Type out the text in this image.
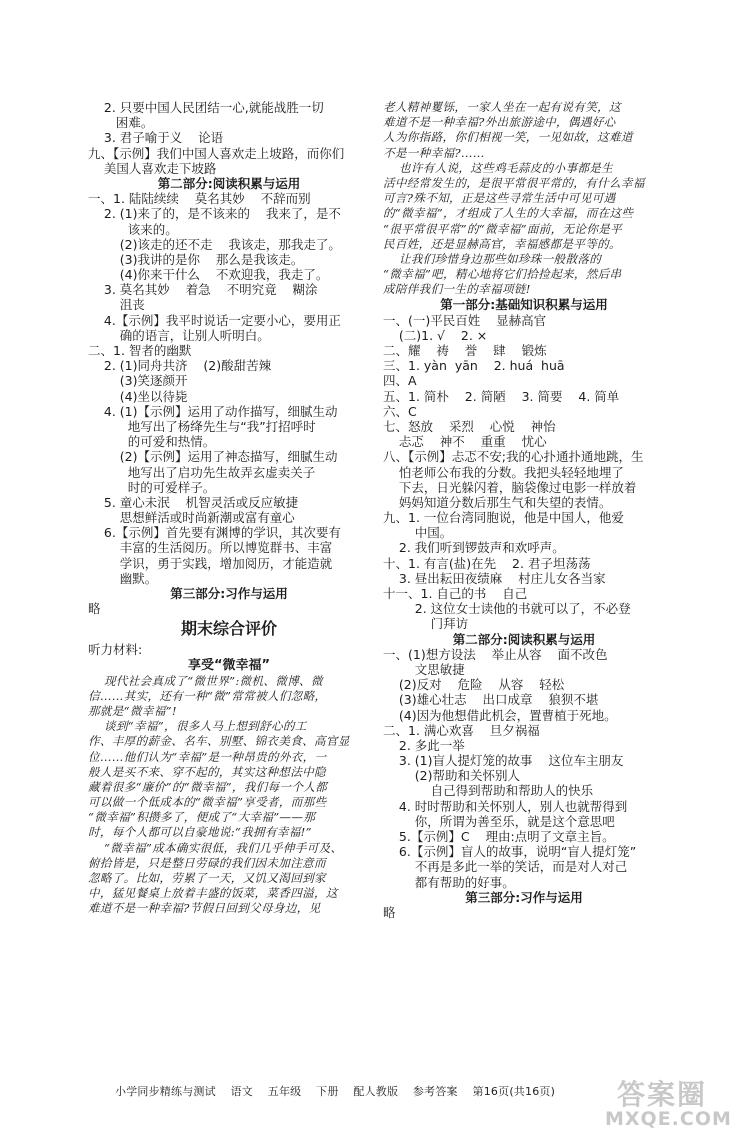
2. 只要中国人民团结一心,就能战胜一切
困难。
3. 君子喻于义    论语
九、【示例】我们中国人喜欢走上坡路，而你们
美国人喜欢走下坡路
第二部分:阅读积累与运用
一、1. 陆陆续续    莫名其妙    不辞而别
2. (1)来了的，是不该来的    我来了，是不
该来的。
(2)该走的还不走    我该走，那我走了。
(3)我讲的是你    那么是我该走。
(4)你来干什么    不欢迎我，我走了。
3. 莫名其妙    着急    不明究竟    糊涂
沮丧
4.【示例】我平时说话一定要小心，要用正
确的语言，让别人听明白。
二、1. 智者的幽默
2. (1)同舟共济    (2)酸甜苦辣
(3)笑逐颜开
(4)坐以待毙
4. (1)【示例】运用了动作描写，细腻生动
地写出了杨绛先生与“我”打招呼时
的可爱和热情。
(2)【示例】运用了神态描写，细腻生动
地写出了启功先生故弄玄虚卖关子
时的可爱样子。
5. 童心未泯    机智灵活或反应敏捷
思想鲜活或时尚新潮或富有童心
6.【示例】首先要有渊博的学识，其次要有
丰富的生活阅历。所以博览群书、丰富
学识，勇于实践，增加阅历，才能造就
幽默。
第三部分:习作与运用
略
期末综合评价
听力材料:
享受“微幸福”
现代社会真成了“微世界”:微机、微博、微
信……其实，还有一种“微”常常被人们忽略，
那就是“微幸福”!
谈到“幸福”，很多人马上想到舒心的工
作、丰厚的薪金、名车、别墅、锦衣美食、高官显
位……他们认为“幸福”是一种昂贵的外衣，一
般人是买不来、穿不起的，其实这种想法中隐
藏着很多“廉价”的“微幸福”，我们每一个人都
可以做一个低成本的“微幸福”享受者，而那些
“微幸福”积攒多了，便成了“大幸福”——那
时，每个人都可以自豪地说:“我拥有幸福!”
“微幸福”成本确实很低，我们几乎伸手可及、
俯拾皆是，只是整日劳碌的我们因未加注意而
忽略了。比如，劳累了一天，又饥又渴回到家
中，猛见餐桌上放着丰盛的饭菜，菜香四溢，这
难道不是一种幸福?节假日回到父母身边，见
老人精神矍铄，一家人坐在一起有说有笑，这
难道不是一种幸福?外出旅游途中，偶遇好心
人为你指路，你们相视一笑，一见如故，这难道
不是一种幸福?……
也许有人说，这些鸡毛蒜皮的小事都是生
活中经常发生的，是很平常很平常的，有什么幸福
可言?殊不知，正是这些寻常生活中可见可遇
的“微幸福”，才组成了人生的大幸福，而在这些
“很平常很平常”的“微幸福”面前，无论你是平
民百姓，还是显赫高官，幸福感都是平等的。
让我们珍惜身边那些如珍珠一般散落的
“微幸福”吧，精心地将它们拾捡起来，然后串
成陪伴我们一生的幸福项链!
第一部分:基础知识积累与运用
一、(一)平民百姓    显赫高官
(二)1. √    2. ×
二、耀    祷    誉    肆    锻炼
三、1. yàn  yān    2. huá  huā
四、A
五、1. 简朴    2. 简陋    3. 简要    4. 简单
六、C
七、怒放    采烈    心悦    神怡
忐忑    神不    重重    忧心
八、【示例】忐忑不安;我的心扑通扑通地跳，生
怕老师公布我的分数。我把头轻轻地埋了
下去，日光躲闪着，脑袋像过电影一样放着
妈妈知道分数后那生气和失望的表情。
九、1. 一位台湾同胞说，他是中国人，他爱
中国。
2. 我们听到锣鼓声和欢呼声。
十、1. 有言(盐)在先    2. 君子坦荡荡
3. 昼出耘田夜绩麻    村庄儿女各当家
十一、1. 自己的书    自己
2. 这位女士读他的书就可以了，不必登
门拜访
第二部分:阅读积累与运用
一、(1)想方设法    举止从容    面不改色
文思敏捷
(2)反对    危险    从容    轻松
(3)雄心壮志    出口成章    狼狈不堪
(4)因为他想借此机会，置曹植于死地。
二、1. 满心欢喜    旦夕祸福
2. 多此一举
3. (1)盲人提灯笼的故事    这位车主朋友
(2)帮助和关怀别人
自己得到帮助和帮助人的快乐
4. 时时帮助和关怀别人，别人也就帮得到
你，所谓为善至乐，就是这个意思吧
5.【示例】C    理由:点明了文章主旨。
6.【示例】盲人的故事，说明“盲人提灯笼”
不再是多此一举的笑话，而是对人对己
都有帮助的好事。
第三部分:习作与运用
略
小学同步精练与测试    语文    五年级    下册    配人教版    参考答案    第16页(共16页) 答案圈
MXQE.COM
